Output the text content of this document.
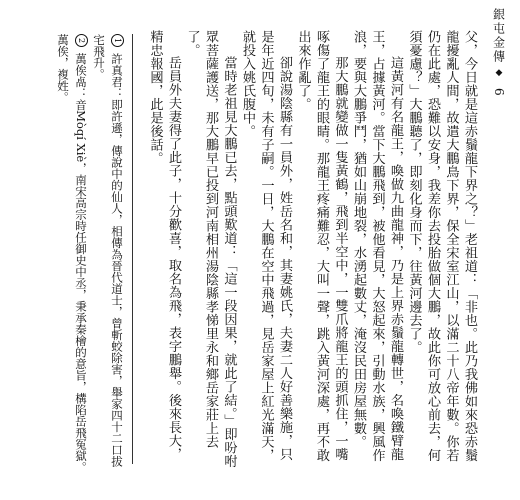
銀屯金傳
◆
6

父，今日就是這赤鬚龍下界之？」老祖道：「非也。此乃我佛如來恐赤鬚龍擾亂人間，故遣大鵬鳥下界，保全宋室江山，以滿二十八帝年數。你若仍在此處，恐難以安身，我差你去投胎做個大鵬，故此你可放心前去，何須憂慮？」大鵬聽了，即刻化身而下，往黃河邊去了。

這黃河有名龍王，喚做九曲龍神，乃是上界赤鬚龍轉世，名喚鐵臂龍王，占據黃河。當下大鵬飛到，被他看見，大怒起來，引動水族，興風作浪，要與大鵬爭鬥，猶如山崩地裂，水湧起數丈，淹沒民田房屋無數。

那大鵬就變做一隻黃鶴，飛到半空中，一雙爪將龍王的頭抓住，一嘴啄傷了龍王的眼睛。那龍王疼痛難忍，大叫一聲，跳入黃河深處，再不敢出來作亂了。

卻說湯陰縣有一員外，姓岳名和，其妻姚氏，夫妻二人好善樂施，只是年近四旬，未有子嗣。一日，大鵬在空中飛過，見岳家屋上紅光滿天，就投入姚氏腹中。

當時老祖見大鵬已去，點頭歎道：「這一段因果，就此了結。」即吩咐眾菩薩護送，那大鵬早已投到河南相州湯陰縣孝悌里永和鄉岳家莊上去了。

岳員外夫妻得了此子，十分歡喜，取名為飛，表字鵬舉。後來長大，精忠報國，此是後話。

1 許真君：即許遜，傳說中的仙人，相傳為晉代道士，曾斬蛟除害，舉家四十二口拔宅飛升。

2 萬俟卨：音Mòqí Xiè，南宋高宗時任御史中丞，秉承秦檜的意旨，構陷岳飛冤獄。萬俟，複姓。
